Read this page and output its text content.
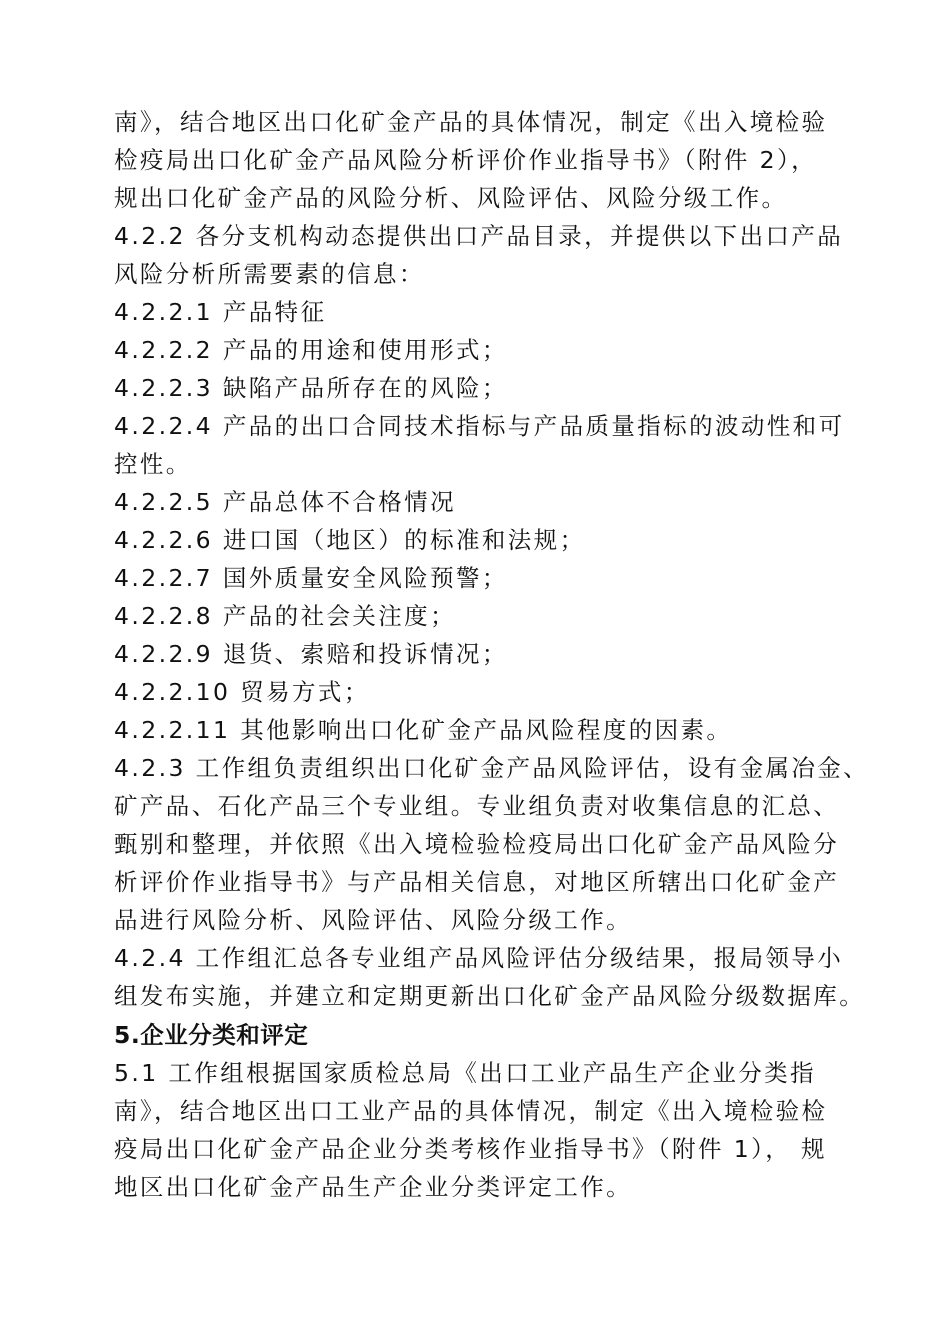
南》，结合地区出口化矿金产品的具体情况，制定《出入境检验
检疫局出口化矿金产品风险分析评价作业指导书》（附件 2），
规出口化矿金产品的风险分析、风险评估、风险分级工作。
4.2.2 各分支机构动态提供出口产品目录，并提供以下出口产品
风险分析所需要素的信息：
4.2.2.1 产品特征
4.2.2.2 产品的用途和使用形式；
4.2.2.3 缺陷产品所存在的风险；
4.2.2.4 产品的出口合同技术指标与产品质量指标的波动性和可
控性。
4.2.2.5 产品总体不合格情况
4.2.2.6 进口国（地区）的标准和法规；
4.2.2.7 国外质量安全风险预警；
4.2.2.8 产品的社会关注度；
4.2.2.9 退货、索赔和投诉情况；
4.2.2.10 贸易方式；
4.2.2.11 其他影响出口化矿金产品风险程度的因素。
4.2.3 工作组负责组织出口化矿金产品风险评估，设有金属冶金、
矿产品、石化产品三个专业组。专业组负责对收集信息的汇总、
甄别和整理，并依照《出入境检验检疫局出口化矿金产品风险分
析评价作业指导书》与产品相关信息，对地区所辖出口化矿金产
品进行风险分析、风险评估、风险分级工作。
4.2.4 工作组汇总各专业组产品风险评估分级结果，报局领导小
组发布实施，并建立和定期更新出口化矿金产品风险分级数据库。
5.企业分类和评定
5.1 工作组根据国家质检总局《出口工业产品生产企业分类指
南》，结合地区出口工业产品的具体情况，制定《出入境检验检
疫局出口化矿金产品企业分类考核作业指导书》（附件 1）， 规
地区出口化矿金产品生产企业分类评定工作。
